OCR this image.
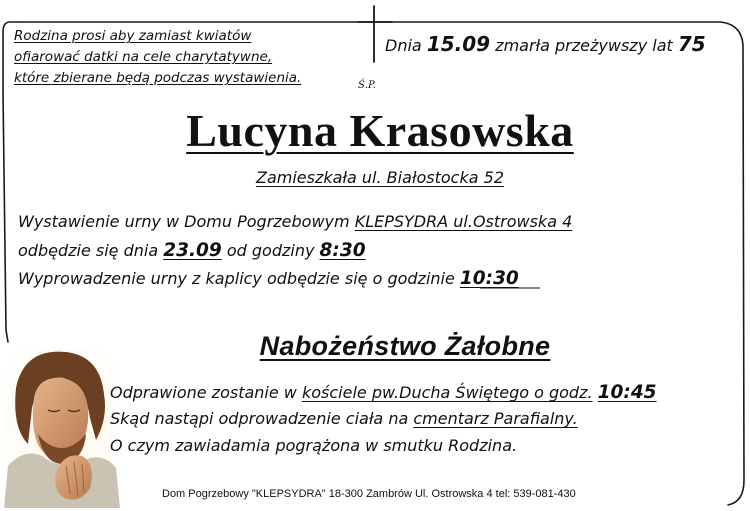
Rodzina prosi aby zamiast kwiatów
ofiarować datki na cele charytatywne,
które zbierane będą podczas wystawienia.
Dnia 15.09 zmarła przeżywszy lat 75
Ś.P.
Lucyna Krasowska
Zamieszkała ul. Białostocka 52
Wystawienie urny w Domu Pogrzebowym KLEPSYDRA ul.Ostrowska 4
odbędzie się dnia 23.09 od godziny 8:30
Wyprowadzenie urny z kaplicy odbędzie się o godzinie 10:30
Nabożeństwo Żałobne
Odprawione zostanie w kościele pw.Ducha Świętego o godz. 10:45
Skąd nastąpi odprowadzenie ciała na cmentarz Parafialny.
O czym zawiadamia pogrążona w smutku Rodzina.
Dom Pogrzebowy "KLEPSYDRA" 18-300 Zambrów Ul. Ostrowska 4 tel: 539-081-430
